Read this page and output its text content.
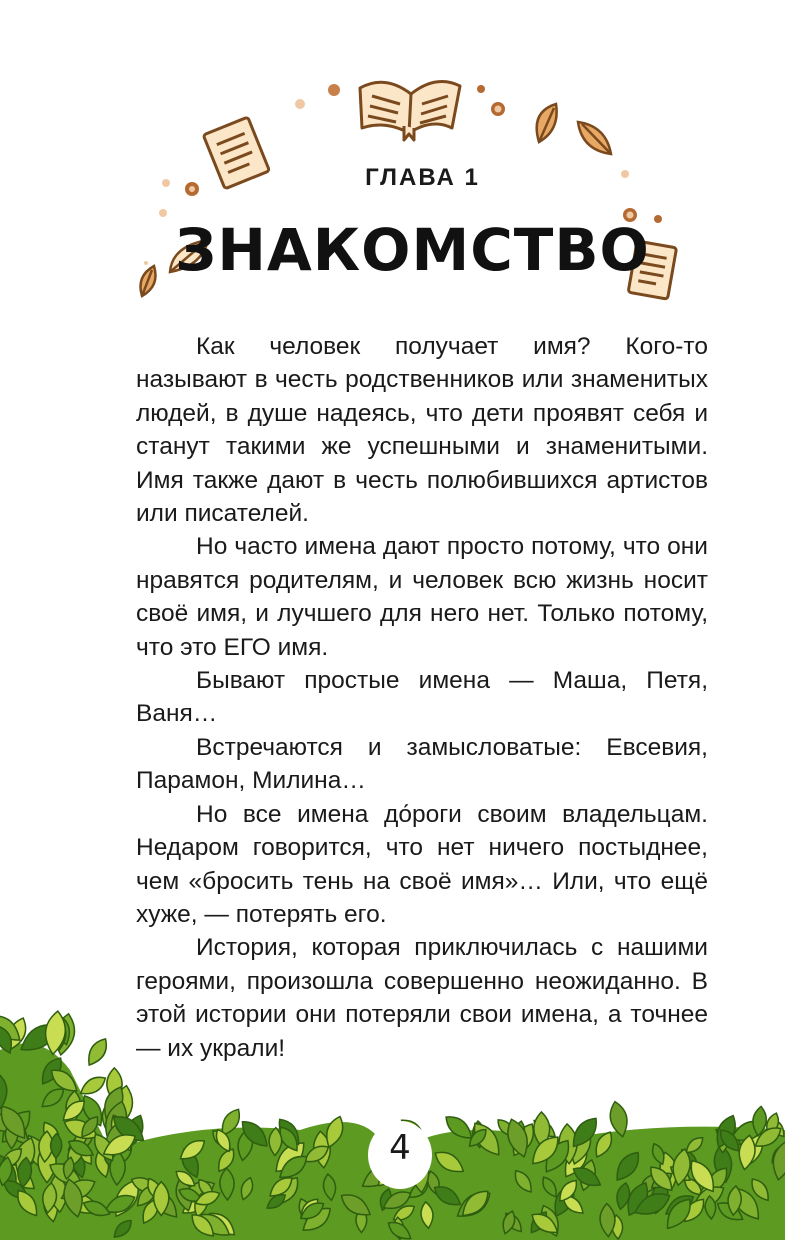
ГЛАВА 1
ЗНАКОМСТВО

Как человек получает имя? Кого-то называют в честь родственников или знаменитых людей, в душе надеясь, что дети проявят себя и станут такими же успешными и знаменитыми. Имя также дают в честь полюбившихся артистов или писателей.

Но часто имена дают просто потому, что они нравятся родителям, и человек всю жизнь носит своё имя, и лучшего для него нет. Только потому, что это ЕГО имя.

Бывают простые имена — Маша, Петя, Ваня…

Встречаются и замысловатые: Евсевия, Парамон, Милина…

Но все имена до́роги своим владельцам. Недаром говорится, что нет ничего постыднее, чем «бросить тень на своё имя»… Или, что ещё хуже, — потерять его.

История, которая приключилась с нашими героями, произошла совершенно неожиданно. В этой истории они потеряли свои имена, а точнее — их украли!

4
